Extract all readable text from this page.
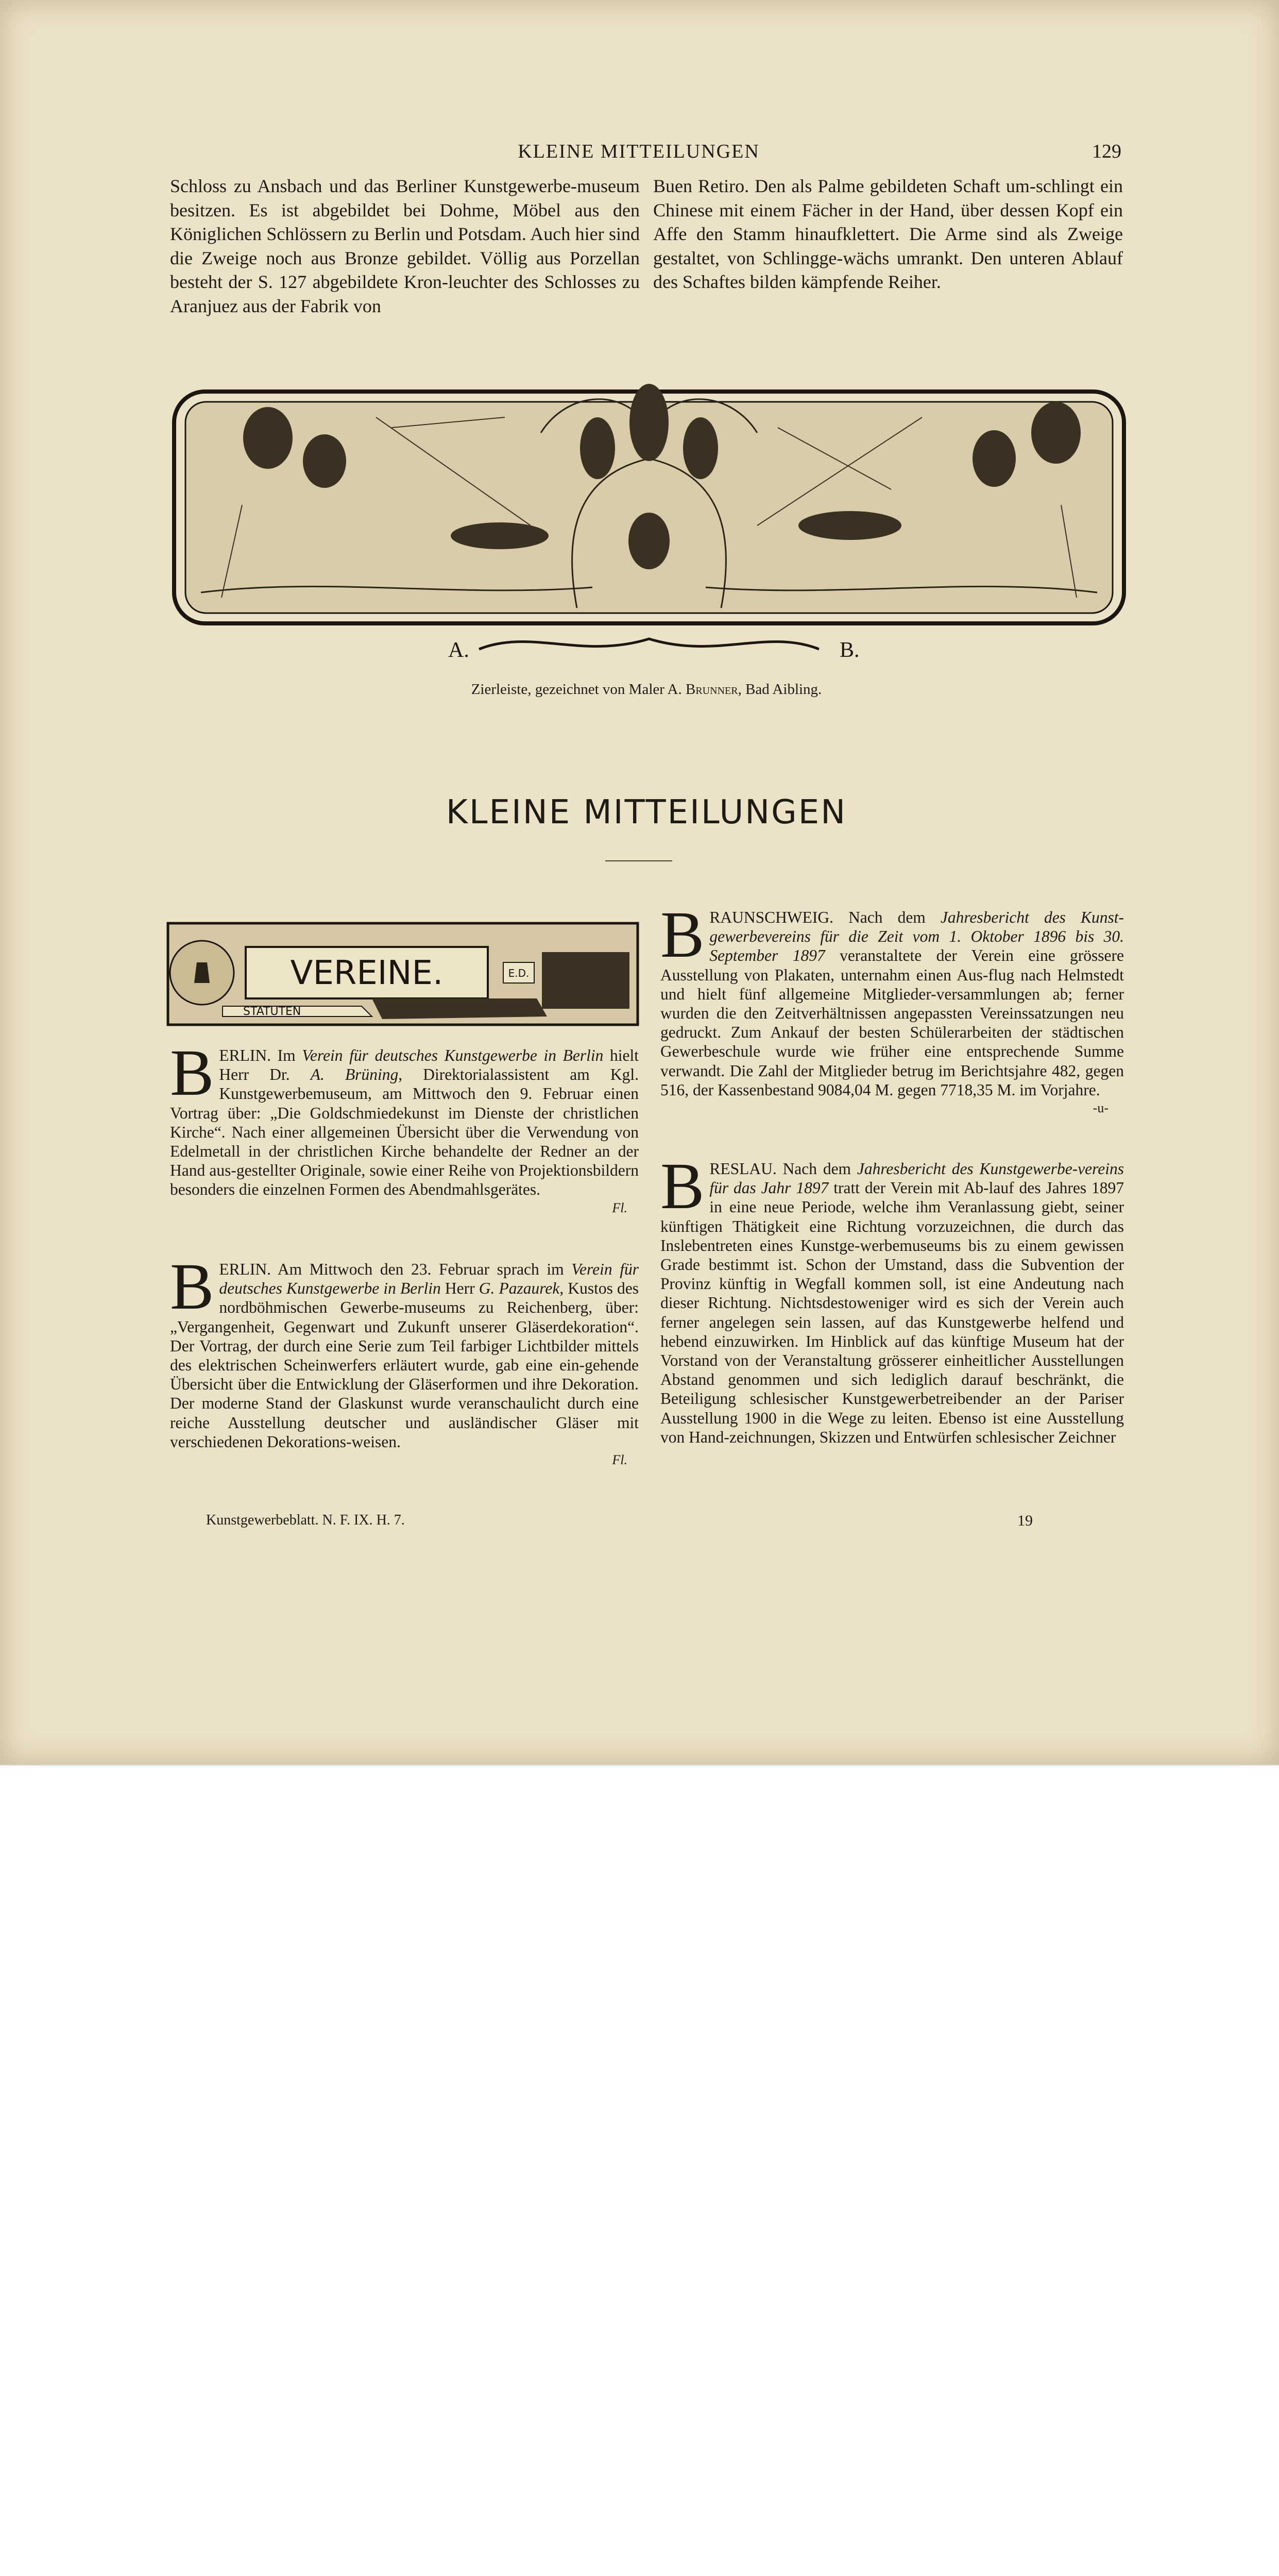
KLEINE MITTEILUNGEN	129

Schloss zu Ansbach und das Berliner Kunstgewerbe-museum besitzen. Es ist abgebildet bei Dohme, Möbel aus den Königlichen Schlössern zu Berlin und Potsdam. Auch hier sind die Zweige noch aus Bronze gebildet. Völlig aus Porzellan besteht der S. 127 abgebildete Kron-leuchter des Schlosses zu Aranjuez aus der Fabrik von

Buen Retiro. Den als Palme gebildeten Schaft um-schlingt ein Chinese mit einem Fächer in der Hand, über dessen Kopf ein Affe den Stamm hinaufklettert. Die Arme sind als Zweige gestaltet, von Schlingge-wächs umrankt. Den unteren Ablauf des Schaftes bilden kämpfende Reiher.

A.	B.
Zierleiste, gezeichnet von Maler A. Brunner, Bad Aibling.
KLEINE MITTEILUNGEN
VEREINE.	E.D.
STATUTEN

BERLIN. Im Verein für deutsches Kunstgewerbe in Berlin hielt Herr Dr. A. Brüning, Direktorialassistent am Kgl. Kunstgewerbemuseum, am Mittwoch den 9. Februar einen Vortrag über: „Die Goldschmiedekunst im Dienste der christlichen Kirche“. Nach einer allgemeinen Übersicht über die Verwendung von Edelmetall in der christlichen Kirche behandelte der Redner an der Hand aus-gestellter Originale, sowie einer Reihe von Projektionsbildern besonders die einzelnen Formen des Abendmahlsgerätes.

Fl.

BERLIN. Am Mittwoch den 23. Februar sprach im Verein für deutsches Kunstgewerbe in Berlin Herr G. Pazaurek, Kustos des nordböhmischen Gewerbe-museums zu Reichenberg, über: „Vergangenheit, Gegenwart und Zukunft unserer Gläserdekoration“. Der Vortrag, der durch eine Serie zum Teil farbiger Lichtbilder mittels des elektrischen Scheinwerfers erläutert wurde, gab eine ein-gehende Übersicht über die Entwicklung der Gläserformen und ihre Dekoration. Der moderne Stand der Glaskunst wurde veranschaulicht durch eine reiche Ausstellung deutscher und ausländischer Gläser mit verschiedenen Dekorations-weisen.

Fl.

BRAUNSCHWEIG. Nach dem Jahresbericht des Kunst-gewerbevereins für die Zeit vom 1. Oktober 1896 bis 30. September 1897 veranstaltete der Verein eine grössere Ausstellung von Plakaten, unternahm einen Aus-flug nach Helmstedt und hielt fünf allgemeine Mitglieder-versammlungen ab; ferner wurden die den Zeitverhältnissen angepassten Vereinssatzungen neu gedruckt. Zum Ankauf der besten Schülerarbeiten der städtischen Gewerbeschule wurde wie früher eine entsprechende Summe verwandt. Die Zahl der Mitglieder betrug im Berichtsjahre 482, gegen 516, der Kassenbestand 9084,04 M. gegen 7718,35 M. im Vorjahre.

-u-

BRESLAU. Nach dem Jahresbericht des Kunstgewerbe-vereins für das Jahr 1897 tratt der Verein mit Ab-lauf des Jahres 1897 in eine neue Periode, welche ihm Veranlassung giebt, seiner künftigen Thätigkeit eine Richtung vorzuzeichnen, die durch das Inslebentreten eines Kunstge-werbemuseums bis zu einem gewissen Grade bestimmt ist. Schon der Umstand, dass die Subvention der Provinz künftig in Wegfall kommen soll, ist eine Andeutung nach dieser Richtung. Nichtsdestoweniger wird es sich der Verein auch ferner angelegen sein lassen, auf das Kunstgewerbe helfend und hebend einzuwirken. Im Hinblick auf das künftige Museum hat der Vorstand von der Veranstaltung grösserer einheitlicher Ausstellungen Abstand genommen und sich lediglich darauf beschränkt, die Beteiligung schlesischer Kunstgewerbetreibender an der Pariser Ausstellung 1900 in die Wege zu leiten. Ebenso ist eine Ausstellung von Hand-zeichnungen, Skizzen und Entwürfen schlesischer Zeichner

Kunstgewerbeblatt. N. F. IX. H. 7.	19
